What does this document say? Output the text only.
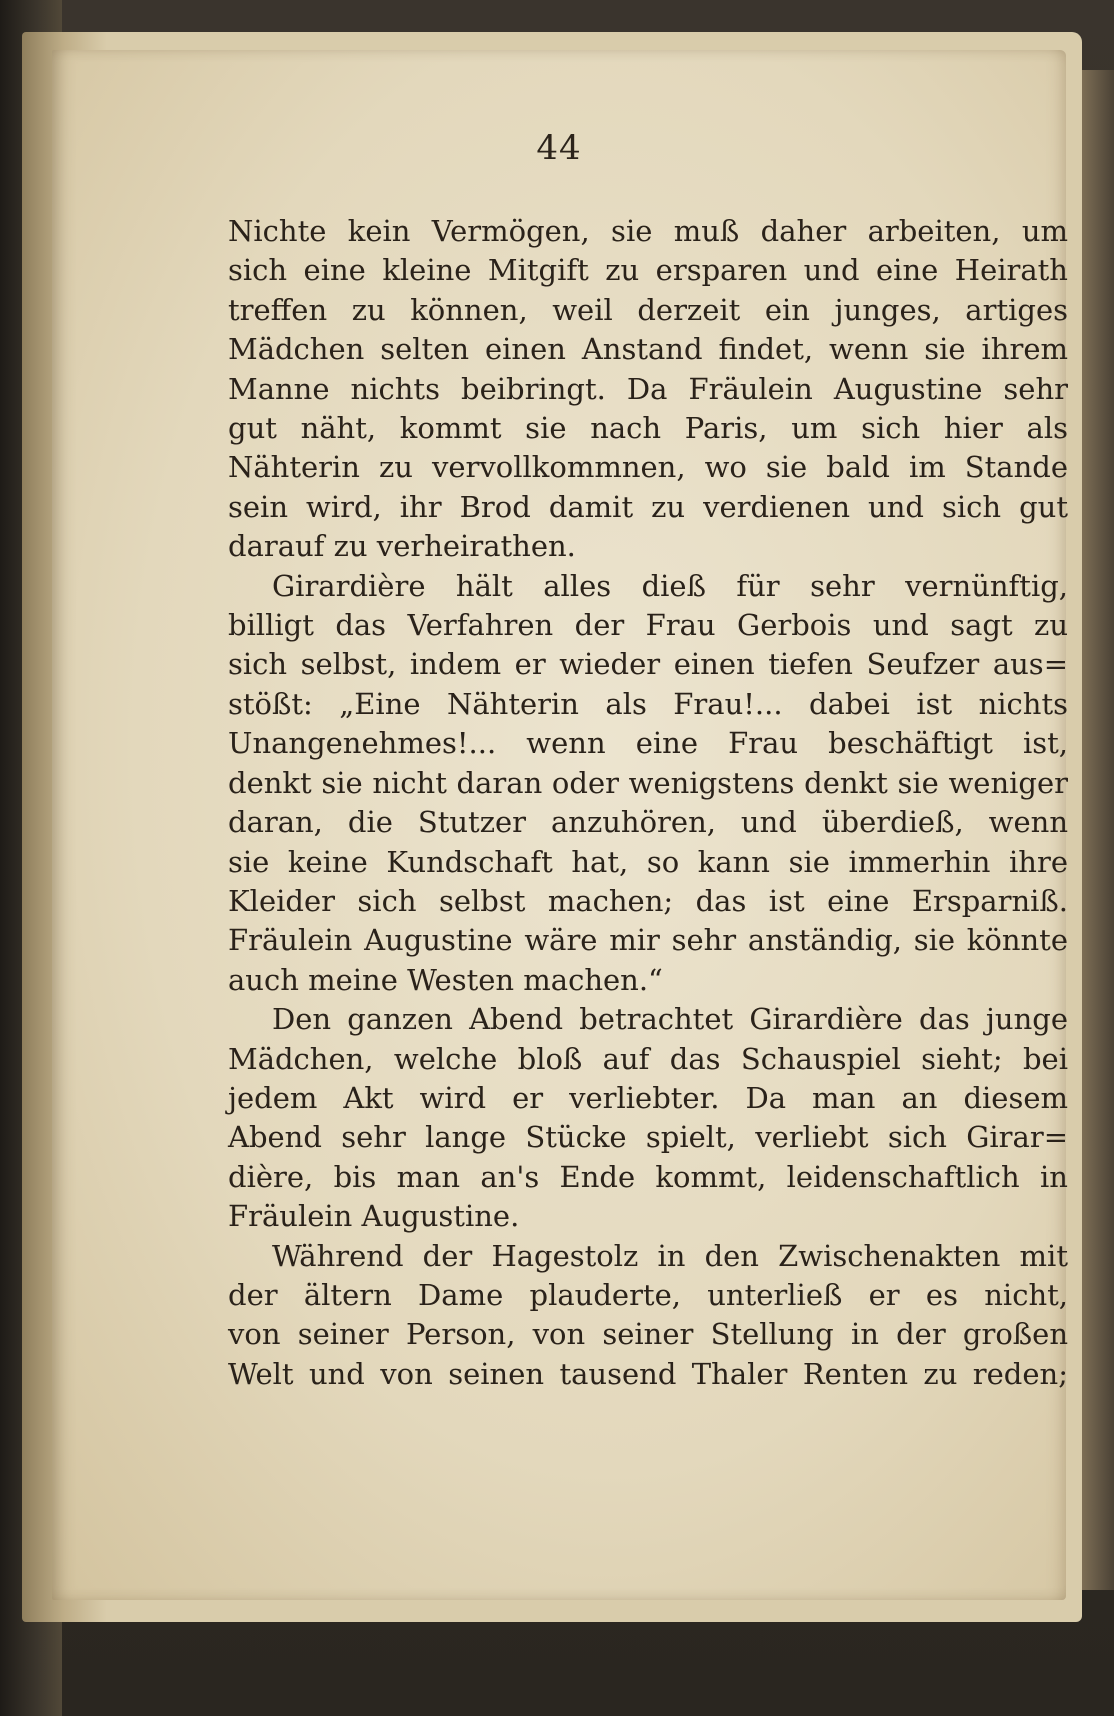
44
Nichte kein Vermögen, sie muß daher arbeiten, um
sich eine kleine Mitgift zu ersparen und eine Heirath
treffen zu können, weil derzeit ein junges, artiges
Mädchen selten einen Anstand findet, wenn sie ihrem
Manne nichts beibringt. Da Fräulein Augustine sehr
gut näht, kommt sie nach Paris, um sich hier als
Nähterin zu vervollkommnen, wo sie bald im Stande
sein wird, ihr Brod damit zu verdienen und sich gut
darauf zu verheirathen.
Girardière hält alles dieß für sehr vernünftig,
billigt das Verfahren der Frau Gerbois und sagt zu
sich selbst, indem er wieder einen tiefen Seufzer aus=
stößt: „Eine Nähterin als Frau!... dabei ist nichts
Unangenehmes!... wenn eine Frau beschäftigt ist,
denkt sie nicht daran oder wenigstens denkt sie weniger
daran, die Stutzer anzuhören, und überdieß, wenn
sie keine Kundschaft hat, so kann sie immerhin ihre
Kleider sich selbst machen; das ist eine Ersparniß.
Fräulein Augustine wäre mir sehr anständig, sie könnte
auch meine Westen machen.“
Den ganzen Abend betrachtet Girardière das junge
Mädchen, welche bloß auf das Schauspiel sieht; bei
jedem Akt wird er verliebter. Da man an diesem
Abend sehr lange Stücke spielt, verliebt sich Girar=
dière, bis man an's Ende kommt, leidenschaftlich in
Fräulein Augustine.
Während der Hagestolz in den Zwischenakten mit
der ältern Dame plauderte, unterließ er es nicht,
von seiner Person, von seiner Stellung in der großen
Welt und von seinen tausend Thaler Renten zu reden;
